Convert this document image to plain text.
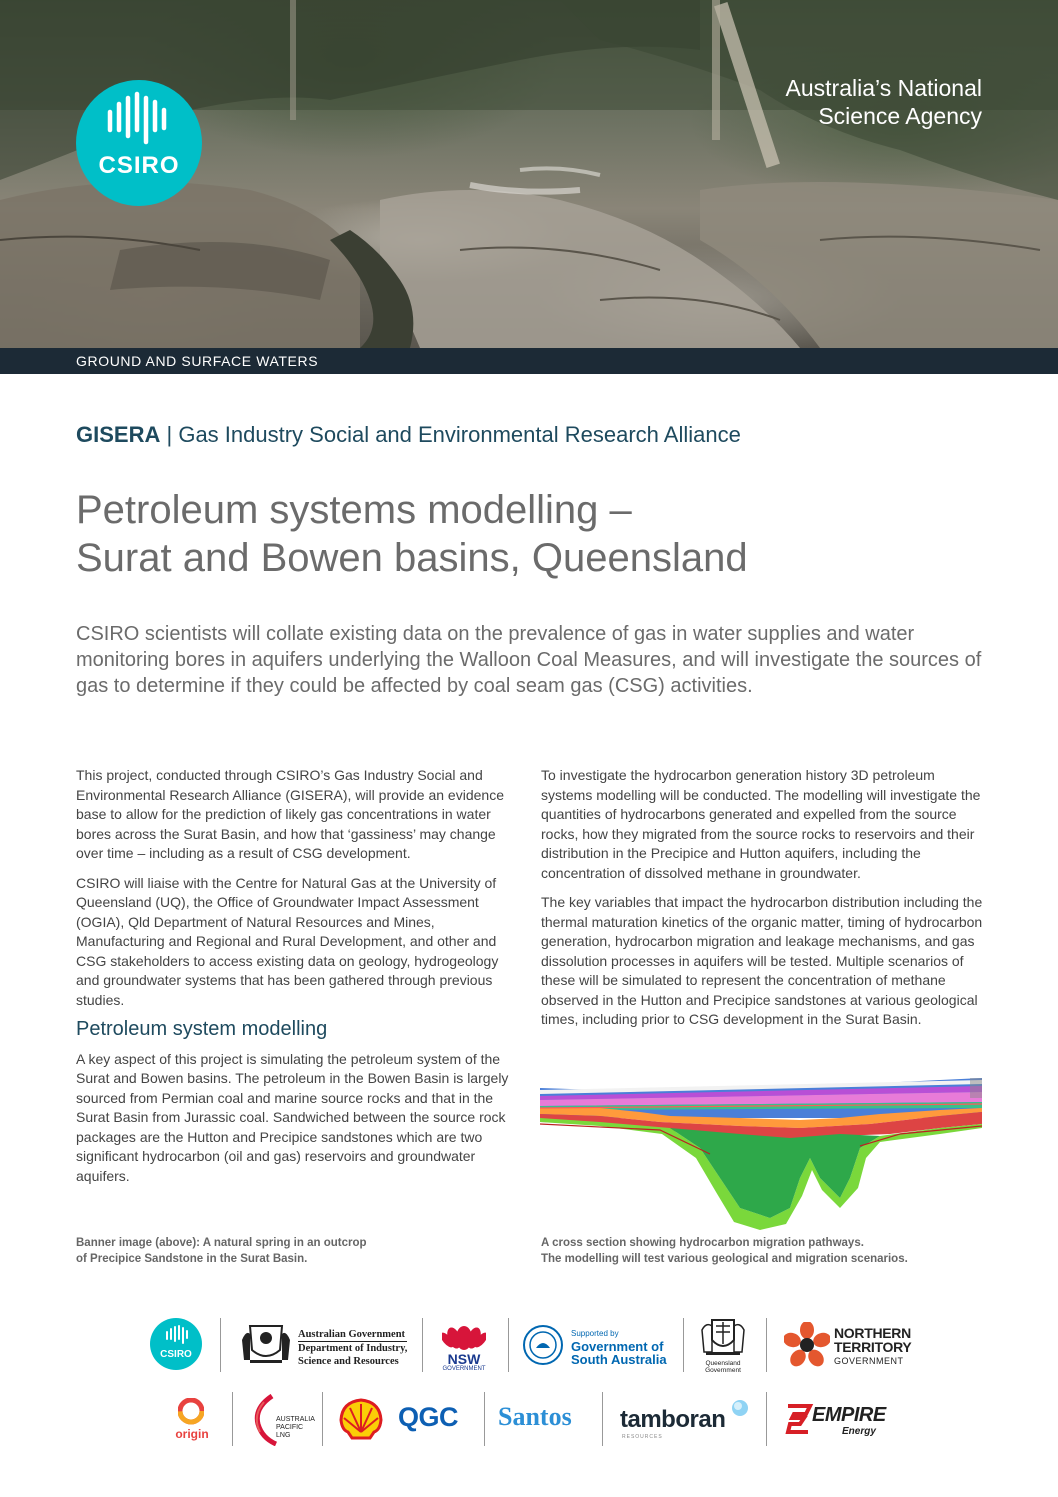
CSIRO
Australia’s National
Science Agency
GROUND AND SURFACE WATERS
GISERA | Gas Industry Social and Environmental Research Alliance
Petroleum systems modelling –
Surat and Bowen basins, Queensland
CSIRO scientists will collate existing data on the prevalence of gas in water supplies and water monitoring bores in aquifers underlying the Walloon Coal Measures, and will investigate the sources of gas to determine if they could be affected by coal seam gas (CSG) activities.

This project, conducted through CSIRO’s Gas Industry Social and Environmental Research Alliance (GISERA), will provide an evidence base to allow for the prediction of likely gas concentrations in water bores across the Surat Basin, and how that ‘gassiness’ may change over time – including as a result of CSG development.

CSIRO will liaise with the Centre for Natural Gas at the University of Queensland (UQ), the Office of Groundwater Impact Assessment (OGIA), Qld Department of Natural Resources and Mines, Manufacturing and Regional and Rural Development, and other and CSG stakeholders to access existing data on geology, hydrogeology and groundwater systems that has been gathered through previous studies.

Petroleum system modelling

A key aspect of this project is simulating the petroleum system of the Surat and Bowen basins. The petroleum in the Bowen Basin is largely sourced from Permian coal and marine source rocks and that in the Surat Basin from Jurassic coal. Sandwiched between the source rock packages are the Hutton and Precipice sandstones which are two significant hydrocarbon (oil and gas) reservoirs and groundwater aquifers.

To investigate the hydrocarbon generation history 3D petroleum systems modelling will be conducted. The modelling will investigate the quantities of hydrocarbons generated and expelled from the source rocks, how they migrated from the source rocks to reservoirs and their distribution in the Precipice and Hutton aquifers, including the concentration of dissolved methane in groundwater.

The key variables that impact the hydrocarbon distribution including the thermal maturation kinetics of the organic matter, timing of hydrocarbon generation, hydrocarbon migration and leakage mechanisms, and gas dissolution processes in aquifers will be tested. Multiple scenarios of these will be simulated to represent the concentration of methane observed in the Hutton and Precipice sandstones at various geological times, including prior to CSG development in the Surat Basin.

Banner image (above): A natural spring in an outcrop
of Precipice Sandstone in the Surat Basin.
A cross section showing hydrocarbon migration pathways.
The modelling will test various geological and migration scenarios.
CSIRO
Australian Government
Department of Industry,
Science and Resources	NSW
GOVERNMENT
Supported by
Government of
South Australia	Queensland
Government
NORTHERN
TERRITORY
GOVERNMENT
origin
AUSTRALIA
PACIFIC
LNG
QGC Santos tamboran
RESOURCES
EMPIRE
Energy
